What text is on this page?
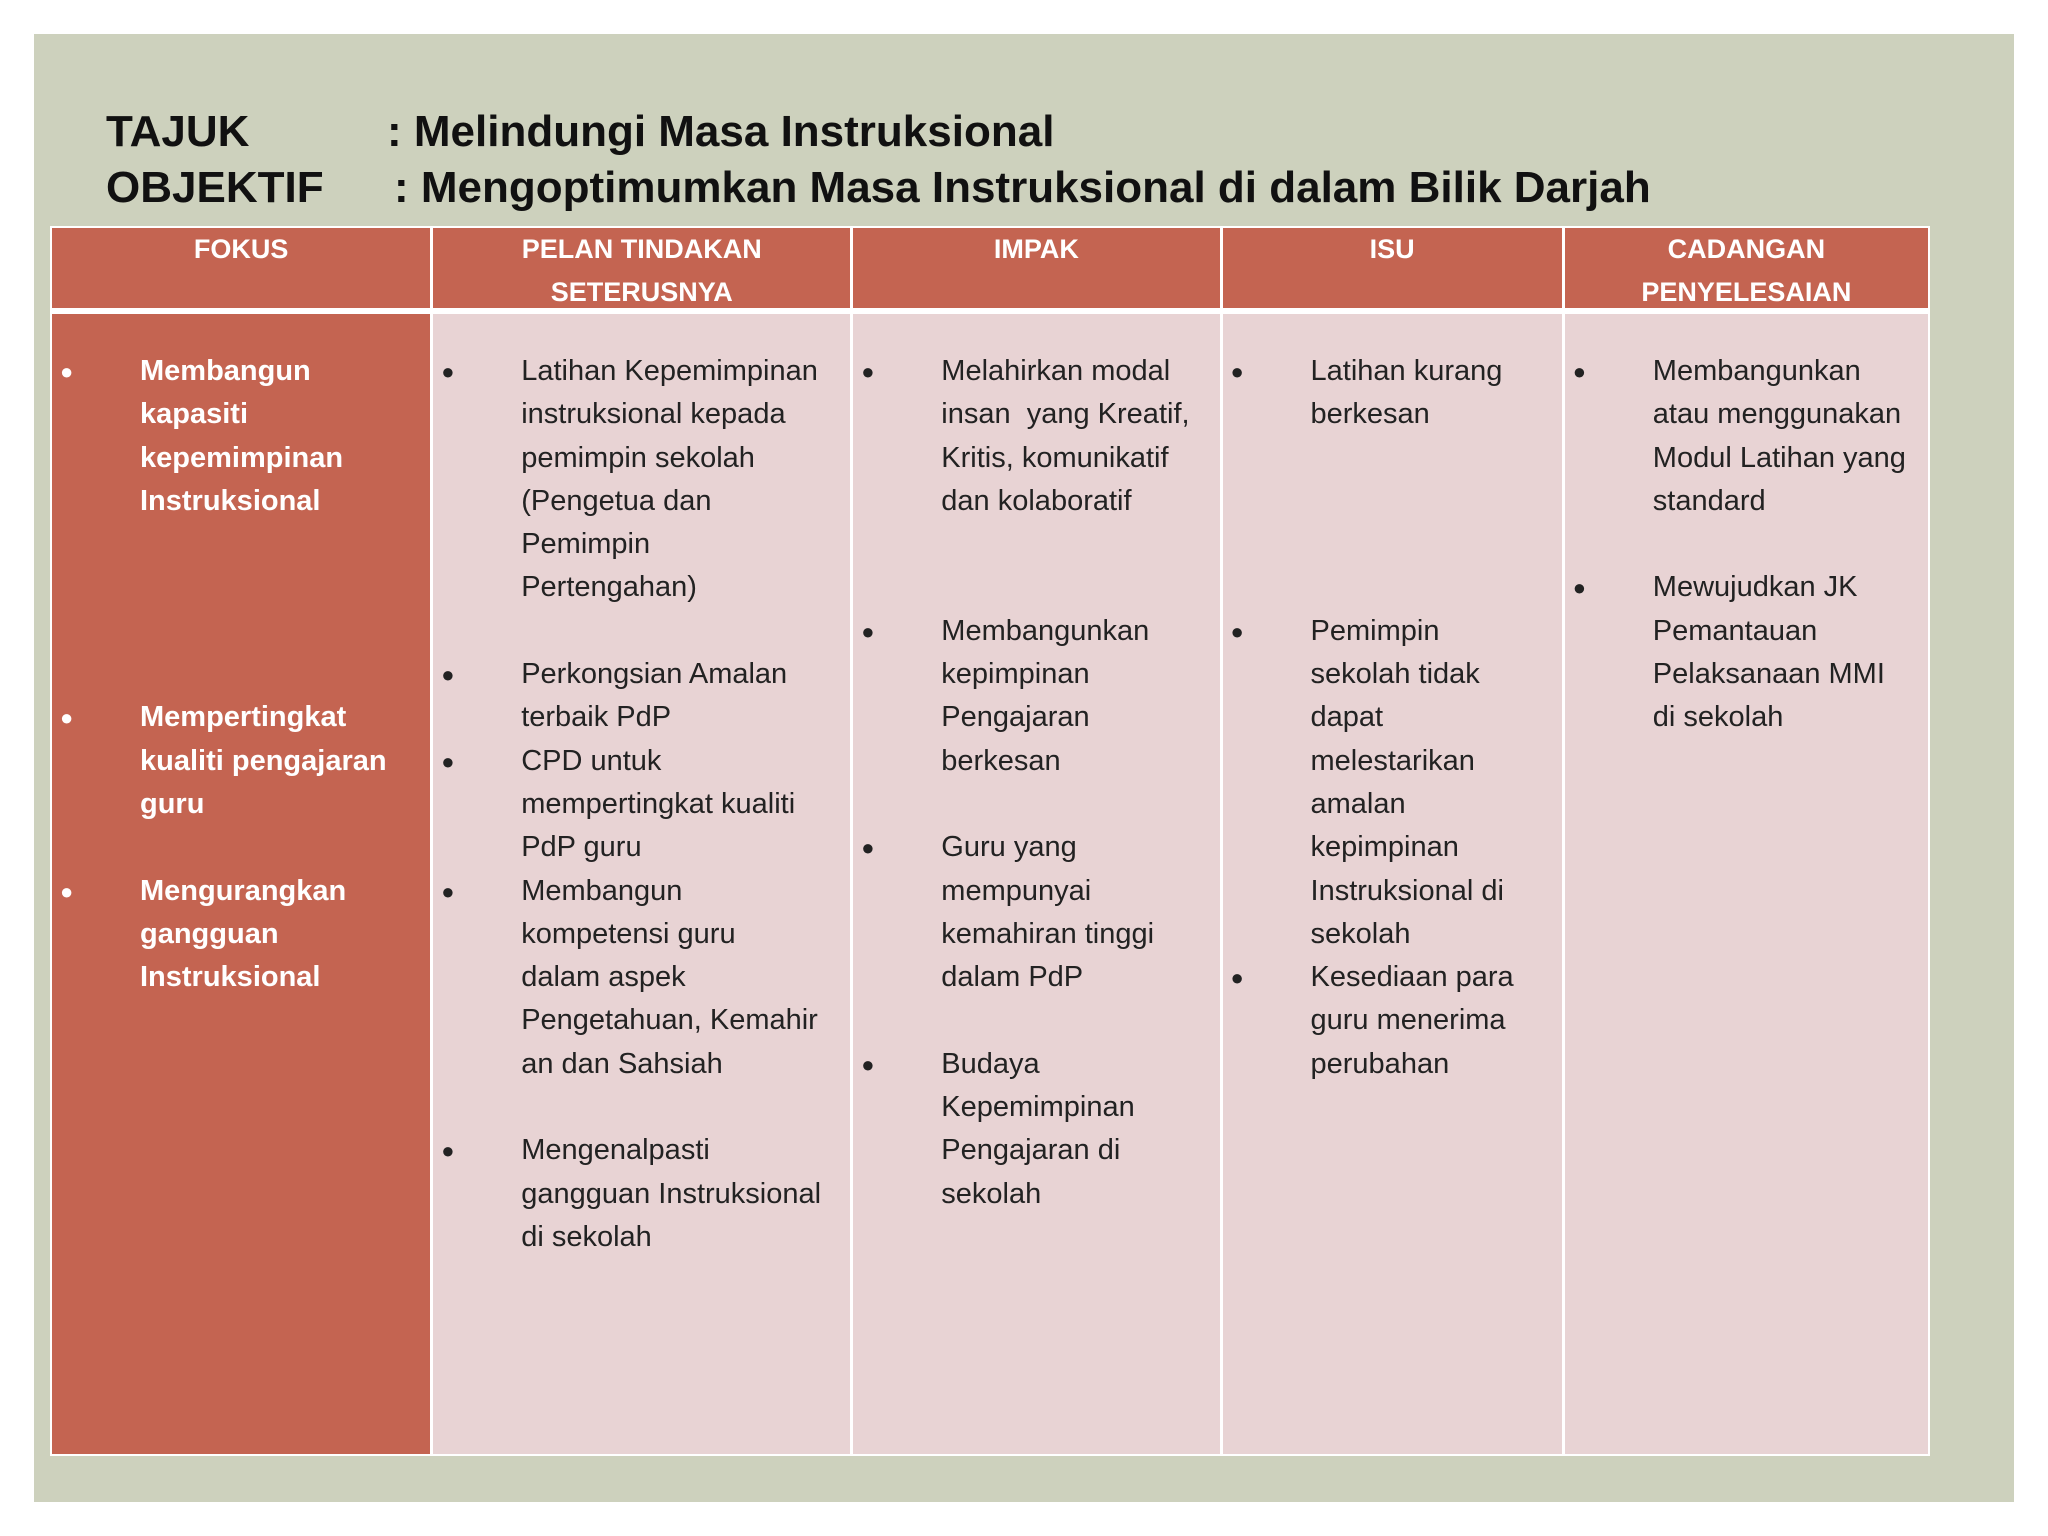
TAJUK	: Melindungi Masa Instruksional
OBJEKTIF	: Mengoptimumkan Masa Instruksional di dalam Bilik Darjah
FOKUS
● Membangun
kapasiti
kepemimpinan
Instruksional
● Mempertingkat
kualiti pengajaran
guru
● Mengurangkan
gangguan
Instruksional
PELAN TINDAKAN
SETERUSNYA
● Latihan Kepemimpinan
instruksional kepada
pemimpin sekolah
(Pengetua dan
Pemimpin
Pertengahan)
● Perkongsian Amalan
terbaik PdP
● CPD untuk
mempertingkat kualiti
PdP guru
● Membangun
kompetensi guru
dalam aspek
Pengetahuan, Kemahir
an dan Sahsiah
● Mengenalpasti
gangguan Instruksional
di sekolah
IMPAK
● Melahirkan modal
insan  yang Kreatif,
Kritis, komunikatif
dan kolaboratif
● Membangunkan
kepimpinan
Pengajaran
berkesan
● Guru yang
mempunyai
kemahiran tinggi
dalam PdP
● Budaya
Kepemimpinan
Pengajaran di
sekolah
ISU
● Latihan kurang
berkesan
● Pemimpin
sekolah tidak
dapat
melestarikan
amalan
kepimpinan
Instruksional di
sekolah
● Kesediaan para
guru menerima
perubahan
CADANGAN
PENYELESAIAN
● Membangunkan
atau menggunakan
Modul Latihan yang
standard
● Mewujudkan JK
Pemantauan
Pelaksanaan MMI
di sekolah
